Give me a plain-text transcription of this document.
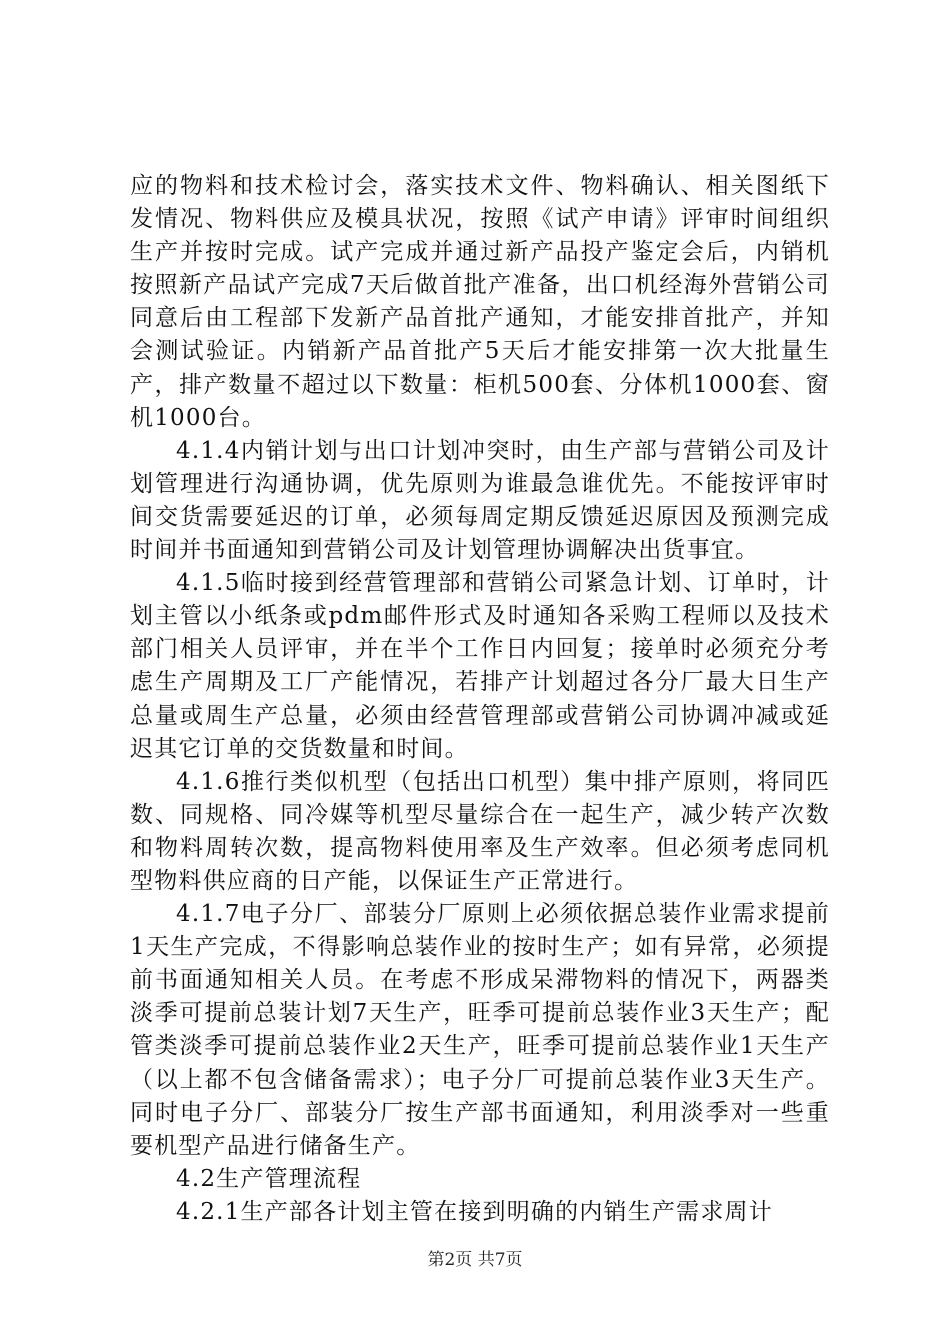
应的物料和技术检讨会，落实技术文件、物料确认、相关图纸下发情况、物料供应及模具状况，按照《试产申请》评审时间组织生产并按时完成。试产完成并通过新产品投产鉴定会后，内销机按照新产品试产完成7天后做首批产准备，出口机经海外营销公司同意后由工程部下发新产品首批产通知，才能安排首批产，并知会测试验证。内销新产品首批产5天后才能安排第一次大批量生产，排产数量不超过以下数量：柜机500套、分体机1000套、窗机1000台。

4.1.4内销计划与出口计划冲突时，由生产部与营销公司及计划管理进行沟通协调，优先原则为谁最急谁优先。不能按评审时间交货需要延迟的订单，必须每周定期反馈延迟原因及预测完成时间并书面通知到营销公司及计划管理协调解决出货事宜。

4.1.5临时接到经营管理部和营销公司紧急计划、订单时，计划主管以小纸条或pdm邮件形式及时通知各采购工程师以及技术部门相关人员评审，并在半个工作日内回复；接单时必须充分考虑生产周期及工厂产能情况，若排产计划超过各分厂最大日生产总量或周生产总量，必须由经营管理部或营销公司协调冲减或延迟其它订单的交货数量和时间。

4.1.6推行类似机型（包括出口机型）集中排产原则，将同匹数、同规格、同冷媒等机型尽量综合在一起生产，减少转产次数和物料周转次数，提高物料使用率及生产效率。但必须考虑同机型物料供应商的日产能，以保证生产正常进行。

4.1.7电子分厂、部装分厂原则上必须依据总装作业需求提前1天生产完成，不得影响总装作业的按时生产；如有异常，必须提前书面通知相关人员。在考虑不形成呆滞物料的情况下，两器类淡季可提前总装计划7天生产，旺季可提前总装作业3天生产；配管类淡季可提前总装作业2天生产，旺季可提前总装作业1天生产（以上都不包含储备需求）；电子分厂可提前总装作业3天生产。同时电子分厂、部装分厂按生产部书面通知，利用淡季对一些重要机型产品进行储备生产。

4.2生产管理流程

4.2.1生产部各计划主管在接到明确的内销生产需求周计

第2页 共7页
